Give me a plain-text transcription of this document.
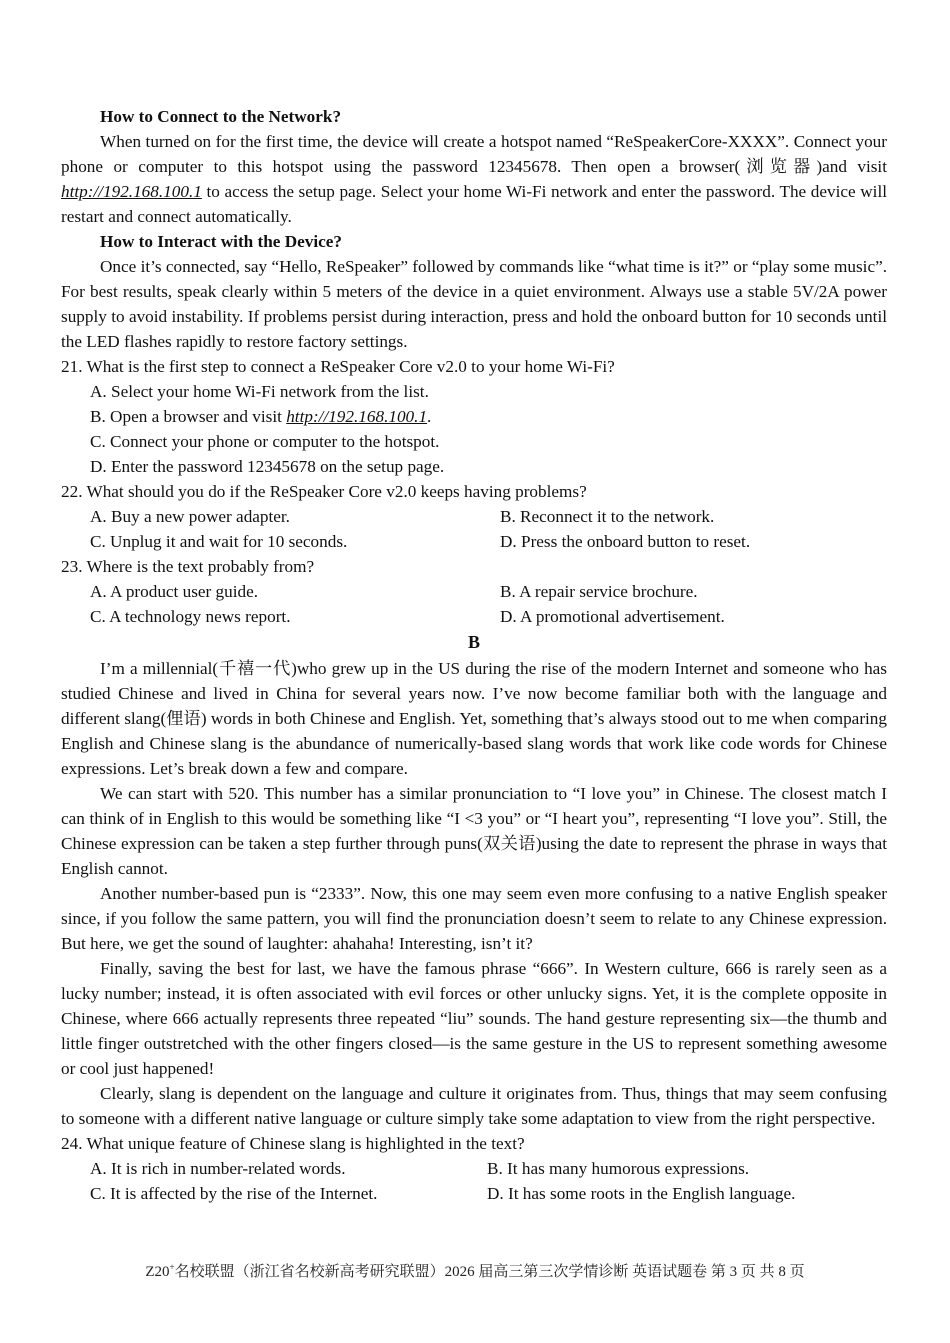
How to Connect to the Network?

When turned on for the first time, the device will create a hotspot named “ReSpeakerCore-XXXX”. Connect your phone or computer to this hotspot using the password 12345678. Then open a browser(浏览器)and visit http://192.168.100.1 to access the setup page. Select your home Wi-Fi network and enter the password. The device will restart and connect automatically.

How to Interact with the Device?

Once it’s connected, say “Hello, ReSpeaker” followed by commands like “what time is it?” or “play some music”. For best results, speak clearly within 5 meters of the device in a quiet environment. Always use a stable 5V/2A power supply to avoid instability. If problems persist during interaction, press and hold the onboard button for 10 seconds until the LED flashes rapidly to restore factory settings.

21. What is the first step to connect a ReSpeaker Core v2.0 to your home Wi-Fi?

A. Select your home Wi-Fi network from the list.

B. Open a browser and visit http://192.168.100.1.

C. Connect your phone or computer to the hotspot.

D. Enter the password 12345678 on the setup page.

22. What should you do if the ReSpeaker Core v2.0 keeps having problems?

A. Buy a new power adapter.	B. Reconnect it to the network.
C. Unplug it and wait for 10 seconds.	D. Press the onboard button to reset.

23. Where is the text probably from?

A. A product user guide.	B. A repair service brochure.
C. A technology news report.	D. A promotional advertisement.

B

I’m a millennial(千禧一代)who grew up in the US during the rise of the modern Internet and someone who has studied Chinese and lived in China for several years now. I’ve now become familiar both with the language and different slang(俚语) words in both Chinese and English. Yet, something that’s always stood out to me when comparing English and Chinese slang is the abundance of numerically-based slang words that work like code words for Chinese expressions. Let’s break down a few and compare.

We can start with 520. This number has a similar pronunciation to “I love you” in Chinese. The closest match I can think of in English to this would be something like “I <3 you” or “I heart you”, representing “I love you”. Still, the Chinese expression can be taken a step further through puns(双关语)using the date to represent the phrase in ways that English cannot.

Another number-based pun is “2333”. Now, this one may seem even more confusing to a native English speaker since, if you follow the same pattern, you will find the pronunciation doesn’t seem to relate to any Chinese expression. But here, we get the sound of laughter: ahahaha! Interesting, isn’t it?

Finally, saving the best for last, we have the famous phrase “666”. In Western culture, 666 is rarely seen as a lucky number; instead, it is often associated with evil forces or other unlucky signs. Yet, it is the complete opposite in Chinese, where 666 actually represents three repeated “liu” sounds. The hand gesture representing six—the thumb and little finger outstretched with the other fingers closed—is the same gesture in the US to represent something awesome or cool just happened!

Clearly, slang is dependent on the language and culture it originates from. Thus, things that may seem confusing to someone with a different native language or culture simply take some adaptation to view from the right perspective.

24. What unique feature of Chinese slang is highlighted in the text?

A. It is rich in number-related words.	B. It has many humorous expressions.
C. It is affected by the rise of the Internet.	D. It has some roots in the English language.
Z20+名校联盟（浙江省名校新高考研究联盟）2026 届高三第三次学情诊断 英语试题卷 第 3 页 共 8 页
